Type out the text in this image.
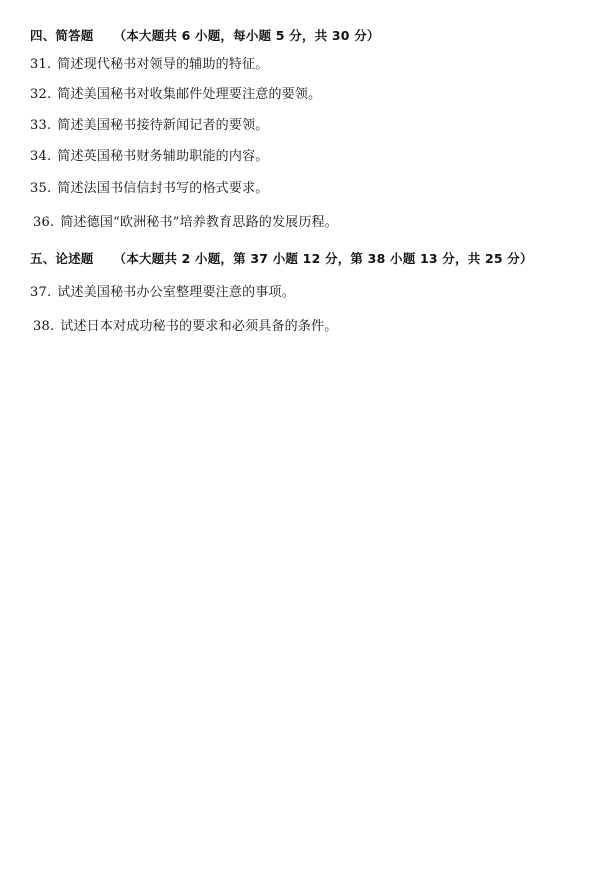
四、简答题 （本大题共 6 小题，每小题 5 分，共 30 分）
31. 简述现代秘书对领导的辅助的特征。
32. 简述美国秘书对收集邮件处理要注意的要领。
33. 简述美国秘书接待新闻记者的要领。
34. 简述英国秘书财务辅助职能的内容。
35. 简述法国书信信封书写的格式要求。
36. 简述德国“欧洲秘书”培养教育思路的发展历程。
五、论述题 （本大题共 2 小题，第 37 小题 12 分，第 38 小题 13 分，共 25 分）
37. 试述美国秘书办公室整理要注意的事项。
38. 试述日本对成功秘书的要求和必须具备的条件。
